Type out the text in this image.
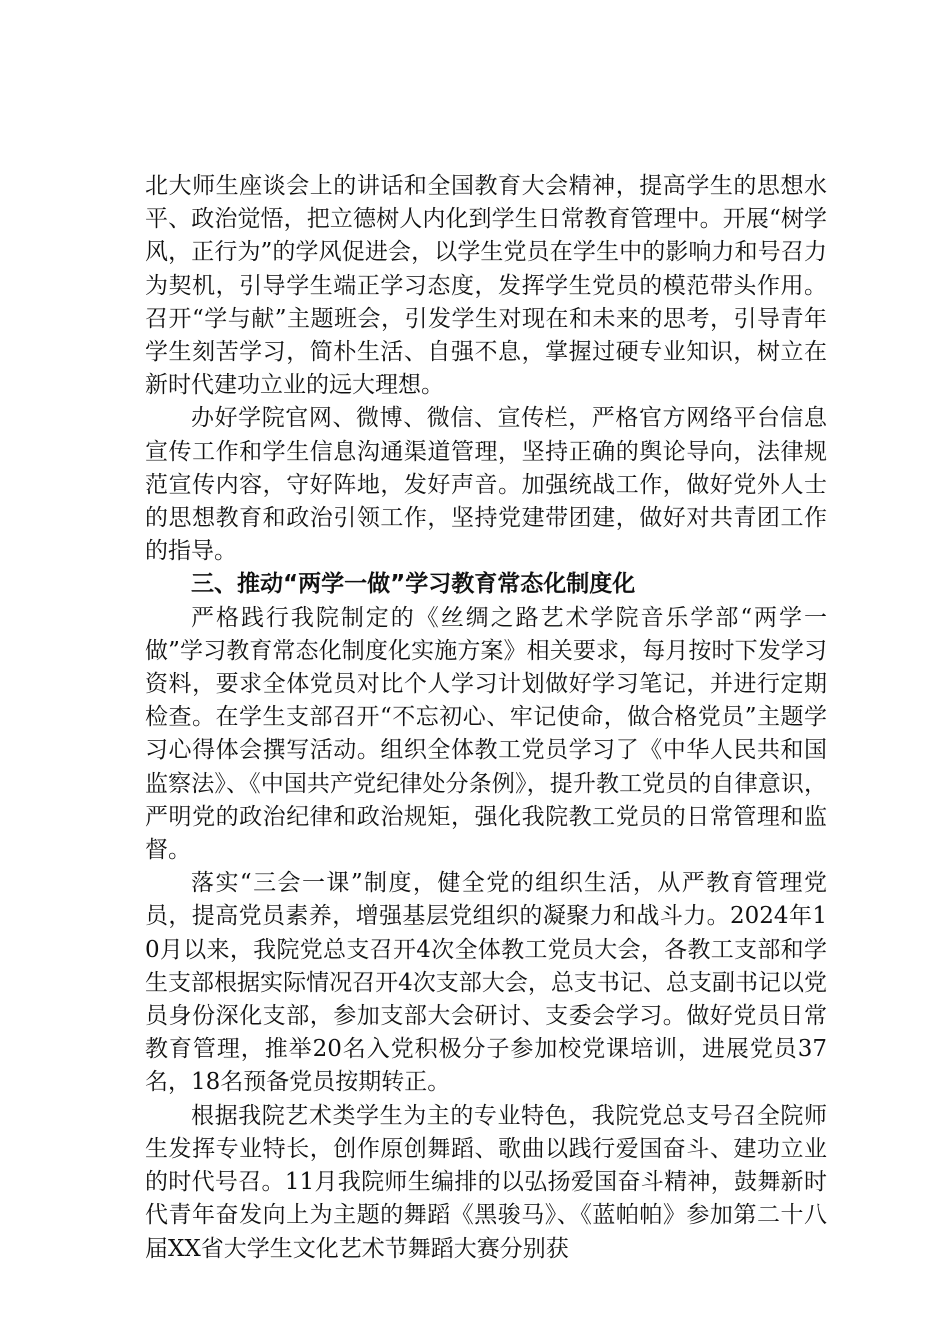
北大师生座谈会上的讲话和全国教育大会精神，提高学生的思想水平、政治觉悟，把立德树人内化到学生日常教育管理中。开展“树学风，正行为”的学风促进会，以学生党员在学生中的影响力和号召力为契机，引导学生端正学习态度，发挥学生党员的模范带头作用。召开“学与献”主题班会，引发学生对现在和未来的思考，引导青年学生刻苦学习，简朴生活、自强不息，掌握过硬专业知识，树立在新时代建功立业的远大理想。

办好学院官网、微博、微信、宣传栏，严格官方网络平台信息宣传工作和学生信息沟通渠道管理，坚持正确的舆论导向，法律规范宣传内容，守好阵地，发好声音。加强统战工作，做好党外人士的思想教育和政治引领工作，坚持党建带团建，做好对共青团工作的指导。

三、推动“两学一做”学习教育常态化制度化

严格践行我院制定的《丝绸之路艺术学院音乐学部“两学一做”学习教育常态化制度化实施方案》相关要求，每月按时下发学习资料，要求全体党员对比个人学习计划做好学习笔记，并进行定期检查。在学生支部召开“不忘初心、牢记使命，做合格党员”主题学习心得体会撰写活动。组织全体教工党员学习了《中华人民共和国监察法》、《中国共产党纪律处分条例》，提升教工党员的自律意识，严明党的政治纪律和政治规矩，强化我院教工党员的日常管理和监督。

落实“三会一课”制度，健全党的组织生活，从严教育管理党员，提高党员素养，增强基层党组织的凝聚力和战斗力。2024年10月以来，我院党总支召开4次全体教工党员大会，各教工支部和学生支部根据实际情况召开4次支部大会，总支书记、总支副书记以党员身份深化支部，参加支部大会研讨、支委会学习。做好党员日常教育管理，推举20名入党积极分子参加校党课培训，进展党员37名，18名预备党员按期转正。

根据我院艺术类学生为主的专业特色，我院党总支号召全院师生发挥专业特长，创作原创舞蹈、歌曲以践行爱国奋斗、建功立业的时代号召。11月我院师生编排的以弘扬爱国奋斗精神，鼓舞新时代青年奋发向上为主题的舞蹈《黑骏马》、《蓝帕帕》参加第二十八届XX省大学生文化艺术节舞蹈大赛分别获
